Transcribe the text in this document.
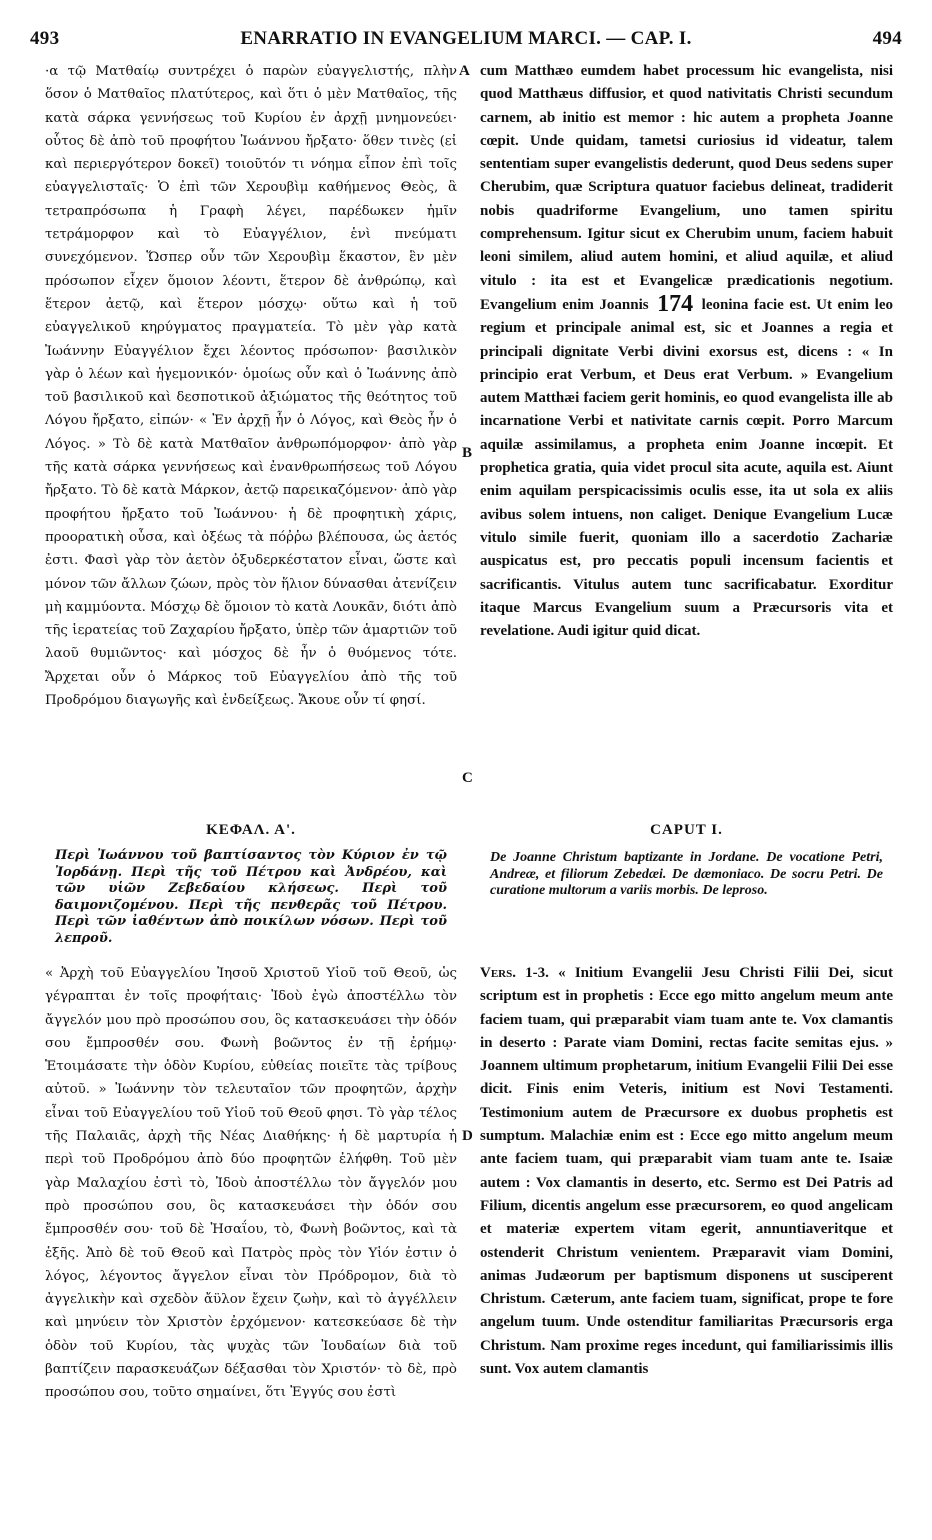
493	ENARRATIO IN EVANGELIUM MARCI. — CAP. I.	494
·α τῷ Ματθαίῳ συντρέχει ὁ παρὼν εὐαγγελιστής, πλὴν ὅσον ὁ Ματθαῖος πλατύτερος, καὶ ὅτι ὁ μὲν Ματθαῖος, τῆς κατὰ σάρκα γεννήσεως τοῦ Κυρίου ἐν ἀρχῇ μνημονεύει· οὗτος δὲ ἀπὸ τοῦ προφήτου Ἰωάννου ἤρξατο· ὅθεν τινὲς (εἰ καὶ περιεργότερον δοκεῖ) τοιοῦτόν τι νόημα εἶπον ἐπὶ τοῖς εὐαγγελισταῖς· Ὁ ἐπὶ τῶν Χερουβὶμ καθήμενος Θεὸς, ἃ τετραπρόσωπα ἡ Γραφὴ λέγει, παρέδωκεν ἡμῖν τετράμορφον καὶ τὸ Εὐαγγέλιον, ἑνὶ πνεύματι συνεχόμενον. Ὥσπερ οὖν τῶν Χερουβὶμ ἕκαστον, ἓν μὲν πρόσωπον εἶχεν ὅμοιον λέοντι, ἕτερον δὲ ἀνθρώπῳ, καὶ ἕτερον ἀετῷ, καὶ ἕτερον μόσχῳ· οὕτω καὶ ἡ τοῦ εὐαγγελικοῦ κηρύγματος πραγματεία. Τὸ μὲν γὰρ κατὰ Ἰωάννην Εὐαγγέλιον ἔχει λέοντος πρόσωπον· βασιλικὸν γὰρ ὁ λέων καὶ ἡγεμονικόν· ὁμοίως οὖν καὶ ὁ Ἰωάννης ἀπὸ τοῦ βασιλικοῦ καὶ δεσποτικοῦ ἀξιώματος τῆς θεότητος τοῦ Λόγου ἤρξατο, εἰπών· « Ἐν ἀρχῇ ἦν ὁ Λόγος, καὶ Θεὸς ἦν ὁ Λόγος. » Τὸ δὲ κατὰ Ματθαῖον ἀνθρωπόμορφον· ἀπὸ γὰρ τῆς κατὰ σάρκα γεννήσεως καὶ ἐνανθρωπήσεως τοῦ Λόγου ἤρξατο. Τὸ δὲ κατὰ Μάρκον, ἀετῷ παρεικαζόμενον· ἀπὸ γὰρ προφήτου ἤρξατο τοῦ Ἰωάννου· ἡ δὲ προφητικὴ χάρις, προορατικὴ οὖσα, καὶ ὀξέως τὰ πόῤῥω βλέπουσα, ὡς ἀετός ἐστι. Φασὶ γὰρ τὸν ἀετὸν ὀξυδερκέστατον εἶναι, ὥστε καὶ μόνον τῶν ἄλλων ζώων, πρὸς τὸν ἥλιον δύνασθαι ἀτενίζειν μὴ καμμύοντα. Μόσχῳ δὲ ὅμοιον τὸ κατὰ Λουκᾶν, διότι ἀπὸ τῆς ἱερατείας τοῦ Ζαχαρίου ἤρξατο, ὑπὲρ τῶν ἁμαρτιῶν τοῦ λαοῦ θυμιῶντος· καὶ μόσχος δὲ ἦν ὁ θυόμενος τότε. Ἄρχεται οὖν ὁ Μάρκος τοῦ Εὐαγγελίου ἀπὸ τῆς τοῦ Προδρόμου διαγωγῆς καὶ ἐνδείξεως. Ἄκουε οὖν τί φησί.
cum Matthæo eumdem habet processum hic evangelista, nisi quod Matthæus diffusior, et quod nativitatis Christi secundum carnem, ab initio est memor : hic autem a propheta Joanne cœpit. Unde quidam, tametsi curiosius id videatur, talem sententiam super evangelistis dederunt, quod Deus sedens super Cherubim, quæ Scriptura quatuor faciebus delineat, tradiderit nobis quadriforme Evangelium, uno tamen spiritu comprehensum. Igitur sicut ex Cherubim unum, faciem habuit leoni similem, aliud autem homini, et aliud aquilæ, et aliud vitulo : ita est et Evangelicæ prædicationis negotium. Evangelium enim Joannis 174 leonina facie est. Ut enim leo regium et principale animal est, sic et Joannes a regia et principali dignitate Verbi divini exorsus est, dicens : « In principio erat Verbum, et Deus erat Verbum. » Evangelium autem Matthæi faciem gerit hominis, eo quod evangelista ille ab incarnatione Verbi et nativitate carnis cœpit. Porro Marcum aquilæ assimilamus, a propheta enim Joanne incœpit. Et prophetica gratia, quia videt procul sita acute, aquila est. Aiunt enim aquilam perspicacissimis oculis esse, ita ut sola ex aliis avibus solem intuens, non caliget. Denique Evangelium Lucæ vitulo simile fuerit, quoniam illo a sacerdotio Zachariæ auspicatus est, pro peccatis populi incensum facientis et sacrificantis. Vitulus autem tunc sacrificabatur. Exorditur itaque Marcus Evangelium suum a Præcursoris vita et revelatione. Audi igitur quid dicat.
A
B
C
D
ΚΕΦΑΛ. Α'.	CAPUT I.
Περὶ Ἰωάννου τοῦ βαπτίσαντος τὸν Κύριον ἐν τῷ Ἰορδάνῃ. Περὶ τῆς τοῦ Πέτρου καὶ Ἀνδρέου, καὶ τῶν υἱῶν Ζεβεδαίου κλήσεως. Περὶ τοῦ δαιμονιζομένου. Περὶ τῆς πενθερᾶς τοῦ Πέτρου. Περὶ τῶν ἰαθέντων ἀπὸ ποικίλων νόσων. Περὶ τοῦ λεπροῦ.
De Joanne Christum baptizante in Jordane. De vocatione Petri, Andreæ, et filiorum Zebedæi. De dæmoniaco. De socru Petri. De curatione multorum a variis morbis. De leproso.
« Ἀρχὴ τοῦ Εὐαγγελίου Ἰησοῦ Χριστοῦ Υἱοῦ τοῦ Θεοῦ, ὡς γέγραπται ἐν τοῖς προφήταις· Ἰδοὺ ἐγὼ ἀποστέλλω τὸν ἄγγελόν μου πρὸ προσώπου σου, ὃς κατασκευάσει τὴν ὁδόν σου ἔμπροσθέν σου. Φωνὴ βοῶντος ἐν τῇ ἐρήμῳ· Ἑτοιμάσατε τὴν ὁδὸν Κυρίου, εὐθείας ποιεῖτε τὰς τρίβους αὐτοῦ. » Ἰωάννην τὸν τελευταῖον τῶν προφητῶν, ἀρχὴν εἶναι τοῦ Εὐαγγελίου τοῦ Υἱοῦ τοῦ Θεοῦ φησι. Τὸ γὰρ τέλος τῆς Παλαιᾶς, ἀρχὴ τῆς Νέας Διαθήκης· ἡ δὲ μαρτυρία ἡ περὶ τοῦ Προδρόμου ἀπὸ δύο προφητῶν ἐλήφθη. Τοῦ μὲν γὰρ Μαλαχίου ἐστὶ τὸ, Ἰδοὺ ἀποστέλλω τὸν ἄγγελόν μου πρὸ προσώπου σου, ὃς κατασκευάσει τὴν ὁδόν σου ἔμπροσθέν σου· τοῦ δὲ Ἠσαΐου, τὸ, Φωνὴ βοῶντος, καὶ τὰ ἑξῆς. Ἀπὸ δὲ τοῦ Θεοῦ καὶ Πατρὸς πρὸς τὸν Υἱόν ἐστιν ὁ λόγος, λέγοντος ἄγγελον εἶναι τὸν Πρόδρομον, διὰ τὸ ἀγγελικὴν καὶ σχεδὸν ἄϋλον ἔχειν ζωὴν, καὶ τὸ ἀγγέλλειν καὶ μηνύειν τὸν Χριστὸν ἐρχόμενον· κατεσκεύασε δὲ τὴν ὁδὸν τοῦ Κυρίου, τὰς ψυχὰς τῶν Ἰουδαίων διὰ τοῦ βαπτίζειν παρασκευάζων δέξασθαι τὸν Χριστόν· τὸ δὲ, πρὸ προσώπου σου, τοῦτο σημαίνει, ὅτι Ἐγγύς σου ἐστὶ
Vers. 1-3. « Initium Evangelii Jesu Christi Filii Dei, sicut scriptum est in prophetis : Ecce ego mitto angelum meum ante faciem tuam, qui præparabit viam tuam ante te. Vox clamantis in deserto : Parate viam Domini, rectas facite semitas ejus. » Joannem ultimum prophetarum, initium Evangelii Filii Dei esse dicit. Finis enim Veteris, initium est Novi Testamenti. Testimonium autem de Præcursore ex duobus prophetis est sumptum. Malachiæ enim est : Ecce ego mitto angelum meum ante faciem tuam, qui præparabit viam tuam ante te. Isaiæ autem : Vox clamantis in deserto, etc. Sermo est Dei Patris ad Filium, dicentis angelum esse præcursorem, eo quod angelicam et materiæ expertem vitam egerit, annuntiaveritque et ostenderit Christum venientem. Præparavit viam Domini, animas Judæorum per baptismum disponens ut susciperent Christum. Cæterum, ante faciem tuam, significat, prope te fore angelum tuum. Unde ostenditur familiaritas Præcursoris erga Christum. Nam proxime reges incedunt, qui familiarissimis illis sunt. Vox autem clamantis
